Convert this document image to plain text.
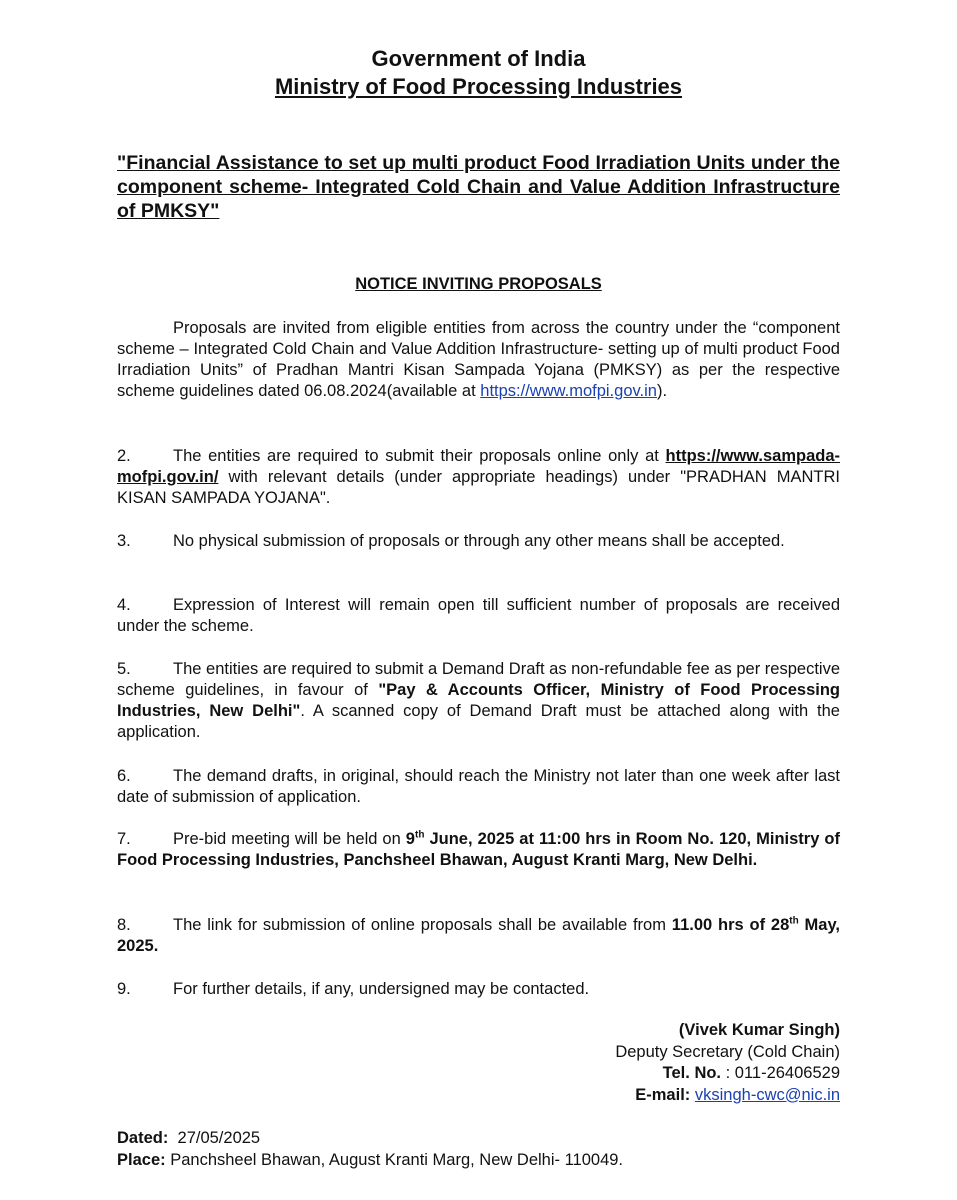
Government of India
Ministry of Food Processing Industries
"Financial Assistance to set up multi product Food Irradiation Units under the component scheme- Integrated Cold Chain and Value Addition Infrastructure of PMKSY"
NOTICE INVITING PROPOSALS

Proposals are invited from eligible entities from across the country under the “component scheme – Integrated Cold Chain and Value Addition Infrastructure- setting up of multi product Food Irradiation Units” of Pradhan Mantri Kisan Sampada Yojana (PMKSY) as per the respective scheme guidelines dated 06.08.2024(available at https://www.mofpi.gov.in).

2.	The entities are required to submit their proposals online only at https://www.sampada-mofpi.gov.in/ with relevant details (under appropriate headings) under "PRADHAN MANTRI KISAN SAMPADA YOJANA".

3.	No physical submission of proposals or through any other means shall be accepted.

4.	Expression of Interest will remain open till sufficient number of proposals are received under the scheme.

5.	The entities are required to submit a Demand Draft as non-refundable fee as per respective scheme guidelines, in favour of "Pay & Accounts Officer, Ministry of Food Processing Industries, New Delhi". A scanned copy of Demand Draft must be attached along with the application.

6.	The demand drafts, in original, should reach the Ministry not later than one week after last date of submission of application.

7.	Pre-bid meeting will be held on 9th June, 2025 at 11:00 hrs in Room No. 120, Ministry of Food Processing Industries, Panchsheel Bhawan, August Kranti Marg, New Delhi.

8.	The link for submission of online proposals shall be available from 11.00 hrs of 28th May, 2025.

9.	For further details, if any, undersigned may be contacted.

(Vivek Kumar Singh)
Deputy Secretary (Cold Chain)
Tel. No. : 011-26406529
E-mail: vksingh-cwc@nic.in
Dated:  27/05/2025
Place: Panchsheel Bhawan, August Kranti Marg, New Delhi- 110049.
